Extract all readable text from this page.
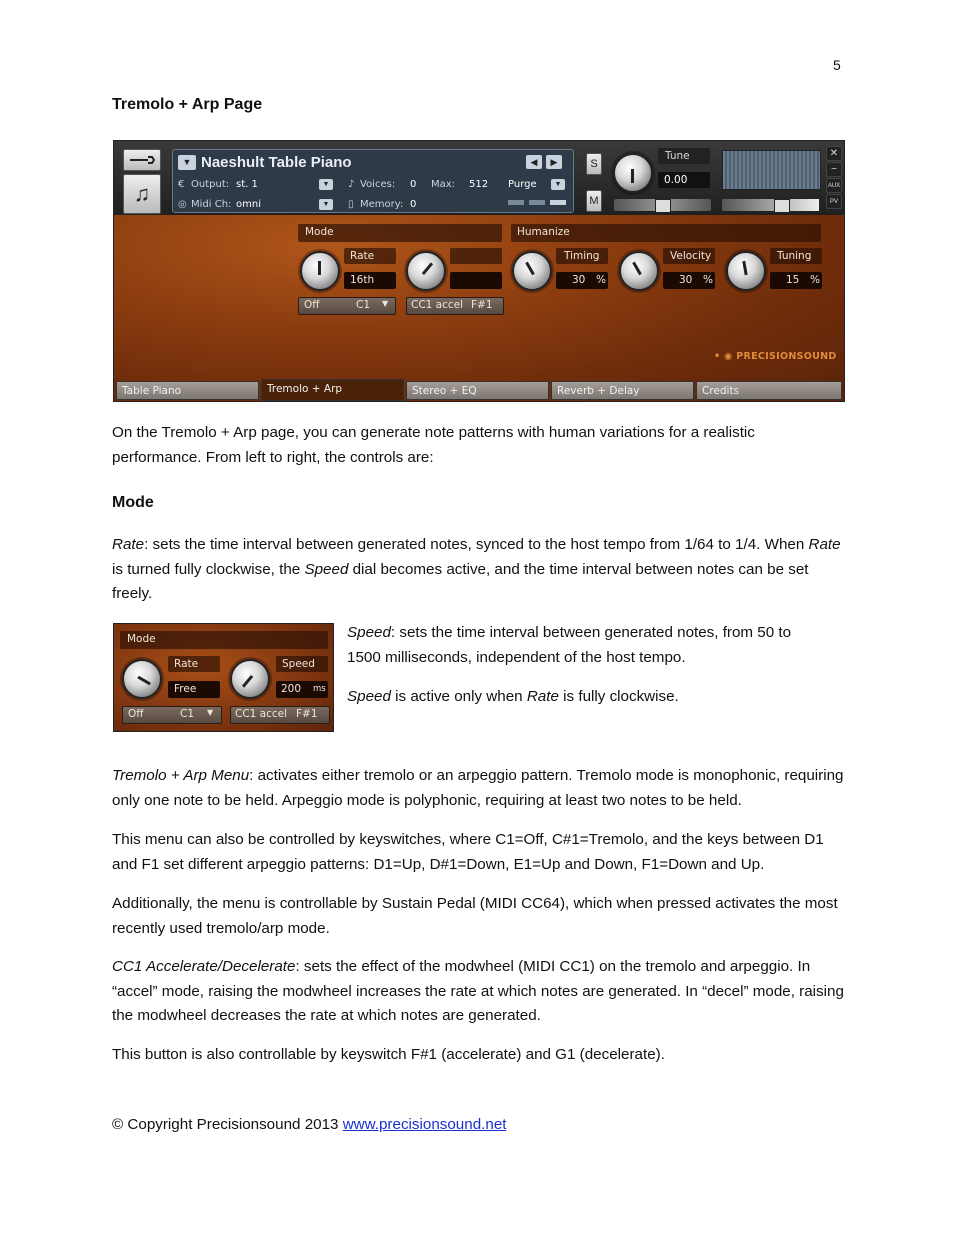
5
Tremolo + Arp Page
♫
▼ Naeshult Table Piano	◀	▶
€ Output: st. 1	▼
◎ Midi Ch: omni	▼
♪ Voices: 0 Max: 512
▯ Memory: 0
Purge	▼
S
M
Tune
0.00
✕
−
AUX
PV
Mode
Rate
16th
Off	C1 ▼ CC1 accel F#1
Humanize
Timing
30 %
Velocity
30 %
Tuning
15 %
• ◉ PRECISIONSOUND
Table Piano	Tremolo + Arp	Stereo + EQ	Reverb + Delay	Credits
On the Tremolo + Arp page, you can generate note patterns with human variations for a realistic performance. From left to right, the controls are:
Mode
Rate: sets the time interval between generated notes, synced to the host tempo from 1/64 to 1/4. When Rate is turned fully clockwise, the Speed dial becomes active, and the time interval between notes can be set freely.
Mode
Rate
Free
Speed
200 ms
Off	C1 ▼ CC1 accel F#1
Speed: sets the time interval between generated notes, from 50 to 1500 milliseconds, independent of the host tempo.
Speed is active only when Rate is fully clockwise.
Tremolo + Arp Menu: activates either tremolo or an arpeggio pattern. Tremolo mode is monophonic, requiring only one note to be held. Arpeggio mode is polyphonic, requiring at least two notes to be held.
This menu can also be controlled by keyswitches, where C1=Off, C#1=Tremolo, and the keys between D1 and F1 set different arpeggio patterns: D1=Up, D#1=Down, E1=Up and Down, F1=Down and Up.
Additionally, the menu is controllable by Sustain Pedal (MIDI CC64), which when pressed activates the most recently used tremolo/arp mode.
CC1 Accelerate/Decelerate: sets the effect of the modwheel (MIDI CC1) on the tremolo and arpeggio. In “accel” mode, raising the modwheel increases the rate at which notes are generated. In “decel” mode, raising the modwheel decreases the rate at which notes are generated.
This button is also controllable by keyswitch F#1 (accelerate) and G1 (decelerate).
© Copyright Precisionsound 2013 www.precisionsound.net
